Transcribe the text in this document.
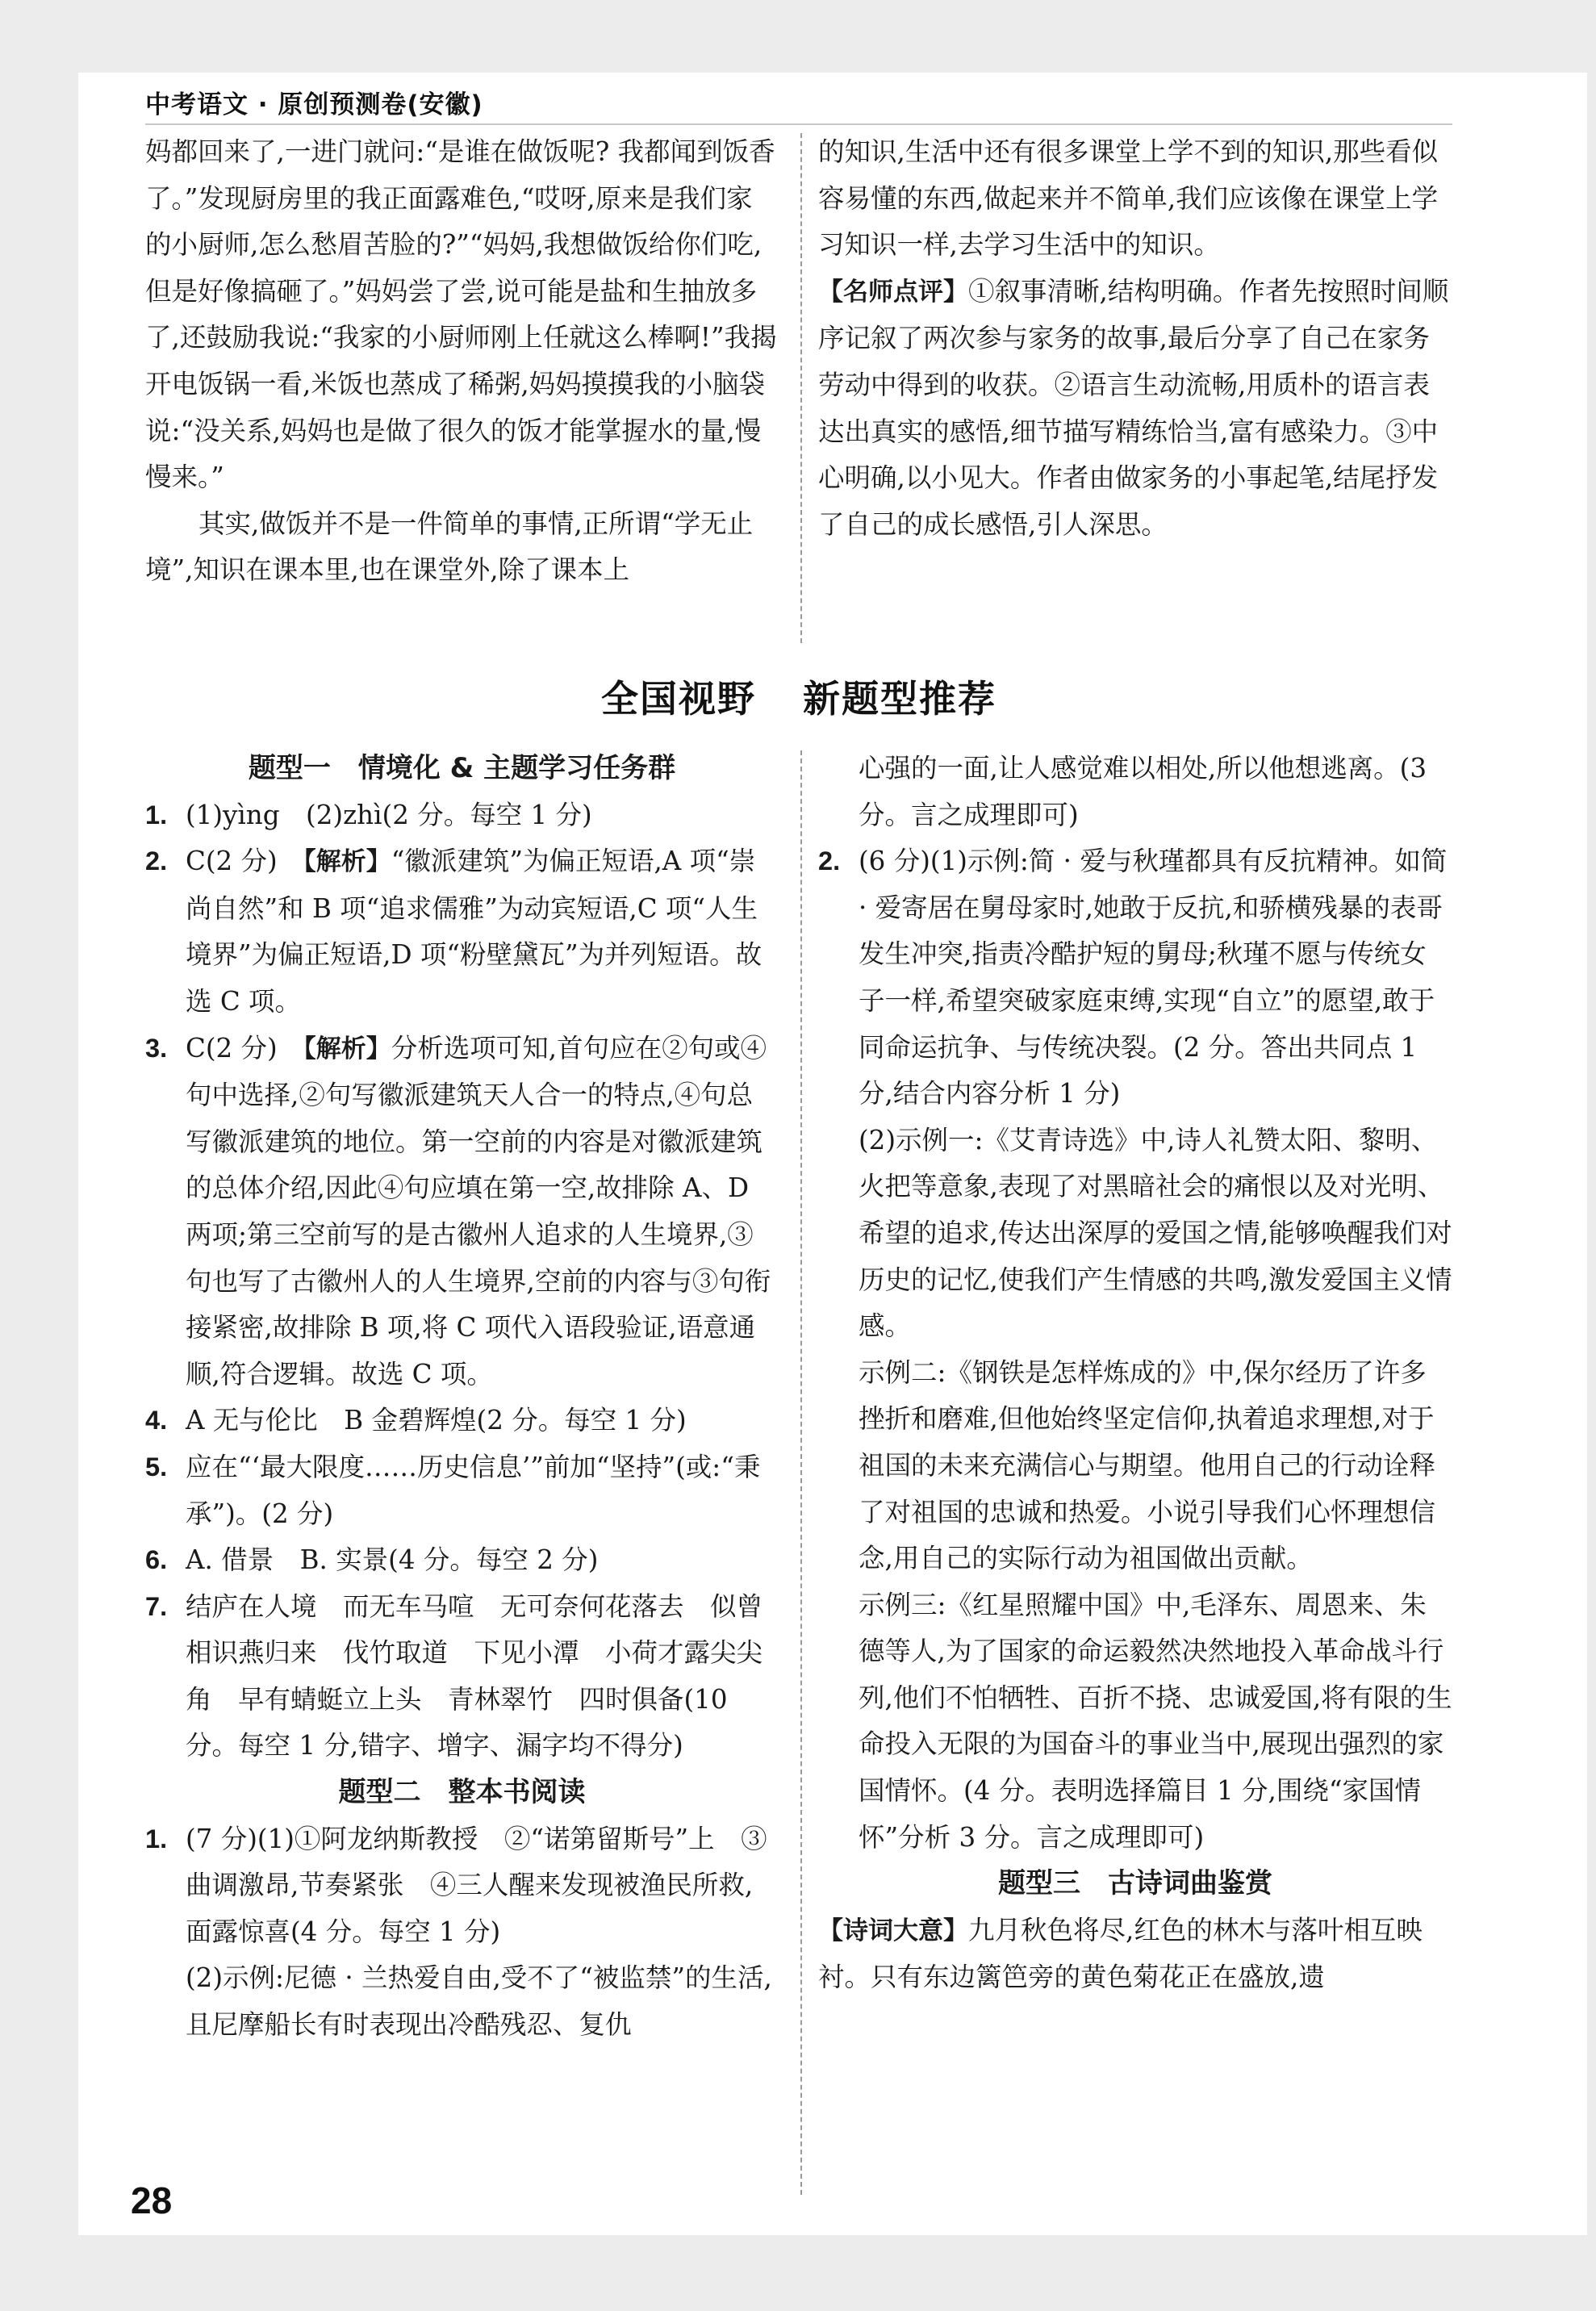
中考语文 · 原创预测卷(安徽)

妈都回来了,一进门就问:“是谁在做饭呢? 我都闻到饭香了。”发现厨房里的我正面露难色,“哎呀,原来是我们家的小厨师,怎么愁眉苦脸的?”“妈妈,我想做饭给你们吃,但是好像搞砸了。”妈妈尝了尝,说可能是盐和生抽放多了,还鼓励我说:“我家的小厨师刚上任就这么棒啊!”我揭开电饭锅一看,米饭也蒸成了稀粥,妈妈摸摸我的小脑袋说:“没关系,妈妈也是做了很久的饭才能掌握水的量,慢慢来。”

其实,做饭并不是一件简单的事情,正所谓“学无止境”,知识在课本里,也在课堂外,除了课本上

的知识,生活中还有很多课堂上学不到的知识,那些看似容易懂的东西,做起来并不简单,我们应该像在课堂上学习知识一样,去学习生活中的知识。

【名师点评】①叙事清晰,结构明确。作者先按照时间顺序记叙了两次参与家务的故事,最后分享了自己在家务劳动中得到的收获。②语言生动流畅,用质朴的语言表达出真实的感悟,细节描写精练恰当,富有感染力。③中心明确,以小见大。作者由做家务的小事起笔,结尾抒发了自己的成长感悟,引人深思。

全国视野 新题型推荐

题型一　情境化 & 主题学习任务群

1. (1)yìng　(2)zhì(2 分。每空 1 分)
2. C(2 分)　【解析】“徽派建筑”为偏正短语,A 项“崇尚自然”和 B 项“追求儒雅”为动宾短语,C 项“人生境界”为偏正短语,D 项“粉壁黛瓦”为并列短语。故选 C 项。
3. C(2 分)　【解析】分析选项可知,首句应在②句或④句中选择,②句写徽派建筑天人合一的特点,④句总写徽派建筑的地位。第一空前的内容是对徽派建筑的总体介绍,因此④句应填在第一空,故排除 A、D 两项;第三空前写的是古徽州人追求的人生境界,③句也写了古徽州人的人生境界,空前的内容与③句衔接紧密,故排除 B 项,将 C 项代入语段验证,语意通顺,符合逻辑。故选 C 项。
4. A 无与伦比　B 金碧辉煌(2 分。每空 1 分)
5. 应在“‘最大限度……历史信息’”前加“坚持”(或:“秉承”)。(2 分)
6. A. 借景　B. 实景(4 分。每空 2 分)
7. 结庐在人境　而无车马喧　无可奈何花落去　似曾相识燕归来　伐竹取道　下见小潭　小荷才露尖尖角　早有蜻蜓立上头　青林翠竹　四时俱备(10 分。每空 1 分,错字、增字、漏字均不得分)

题型二　整本书阅读

1. (7 分)(1)①阿龙纳斯教授　②“诺第留斯号”上　③曲调激昂,节奏紧张　④三人醒来发现被渔民所救,面露惊喜(4 分。每空 1 分)

(2)示例:尼德 · 兰热爱自由,受不了“被监禁”的生活,且尼摩船长有时表现出冷酷残忍、复仇

心强的一面,让人感觉难以相处,所以他想逃离。(3 分。言之成理即可)

2. (6 分)(1)示例:简 · 爱与秋瑾都具有反抗精神。如简 · 爱寄居在舅母家时,她敢于反抗,和骄横残暴的表哥发生冲突,指责冷酷护短的舅母;秋瑾不愿与传统女子一样,希望突破家庭束缚,实现“自立”的愿望,敢于同命运抗争、与传统决裂。(2 分。答出共同点 1 分,结合内容分析 1 分)

(2)示例一:《艾青诗选》中,诗人礼赞太阳、黎明、火把等意象,表现了对黑暗社会的痛恨以及对光明、希望的追求,传达出深厚的爱国之情,能够唤醒我们对历史的记忆,使我们产生情感的共鸣,激发爱国主义情感。

示例二:《钢铁是怎样炼成的》中,保尔经历了许多挫折和磨难,但他始终坚定信仰,执着追求理想,对于祖国的未来充满信心与期望。他用自己的行动诠释了对祖国的忠诚和热爱。小说引导我们心怀理想信念,用自己的实际行动为祖国做出贡献。

示例三:《红星照耀中国》中,毛泽东、周恩来、朱德等人,为了国家的命运毅然决然地投入革命战斗行列,他们不怕牺牲、百折不挠、忠诚爱国,将有限的生命投入无限的为国奋斗的事业当中,展现出强烈的家国情怀。(4 分。表明选择篇目 1 分,围绕“家国情怀”分析 3 分。言之成理即可)

题型三　古诗词曲鉴赏

【诗词大意】九月秋色将尽,红色的林木与落叶相互映衬。只有东边篱笆旁的黄色菊花正在盛放,遗

28
